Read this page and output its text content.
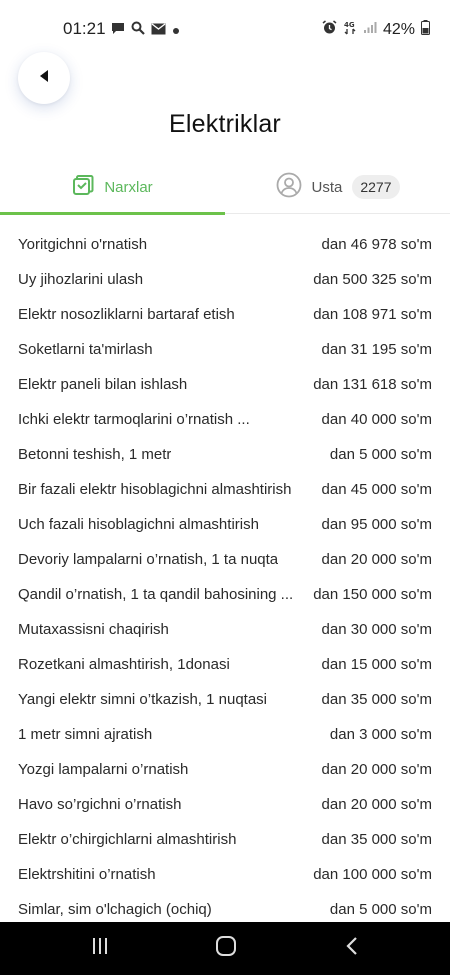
01:21	4G 42%
Elektriklar
Narxlar	Usta	2277
Yoritgichni o'rnatish	dan 46 978 so'm
Uy jihozlarini ulash	dan 500 325 so'm
Elektr nosozliklarni bartaraf etish	dan 108 971 so'm
Soketlarni ta'mirlash	dan 31 195 so'm
Elektr paneli bilan ishlash	dan 131 618 so'm
Ichki elektr tarmoqlarini o’rnatish ...	dan 40 000 so'm
Betonni teshish, 1 metr	dan 5 000 so'm
Bir fazali elektr hisoblagichni almashtirish dan 45 000 so'm
Uch fazali hisoblagichni almashtirish	dan 95 000 so'm
Devoriy lampalarni o’rnatish, 1 ta nuqta	dan 20 000 so'm
Qandil o’rnatish, 1 ta qandil bahosining ... dan 150 000 so'm
Mutaxassisni chaqirish	dan 30 000 so'm
Rozetkani almashtirish, 1donasi	dan 15 000 so'm
Yangi elektr simni o’tkazish, 1 nuqtasi	dan 35 000 so'm
1 metr simni ajratish	dan 3 000 so'm
Yozgi lampalarni o’rnatish	dan 20 000 so'm
Havo so’rgichni o’rnatish	dan 20 000 so'm
Elektr o’chirgichlarni almashtirish	dan 35 000 so'm
Elektrshitini o’rnatish	dan 100 000 so'm
Simlar, sim o'lchagich (ochiq)	dan 5 000 so'm
